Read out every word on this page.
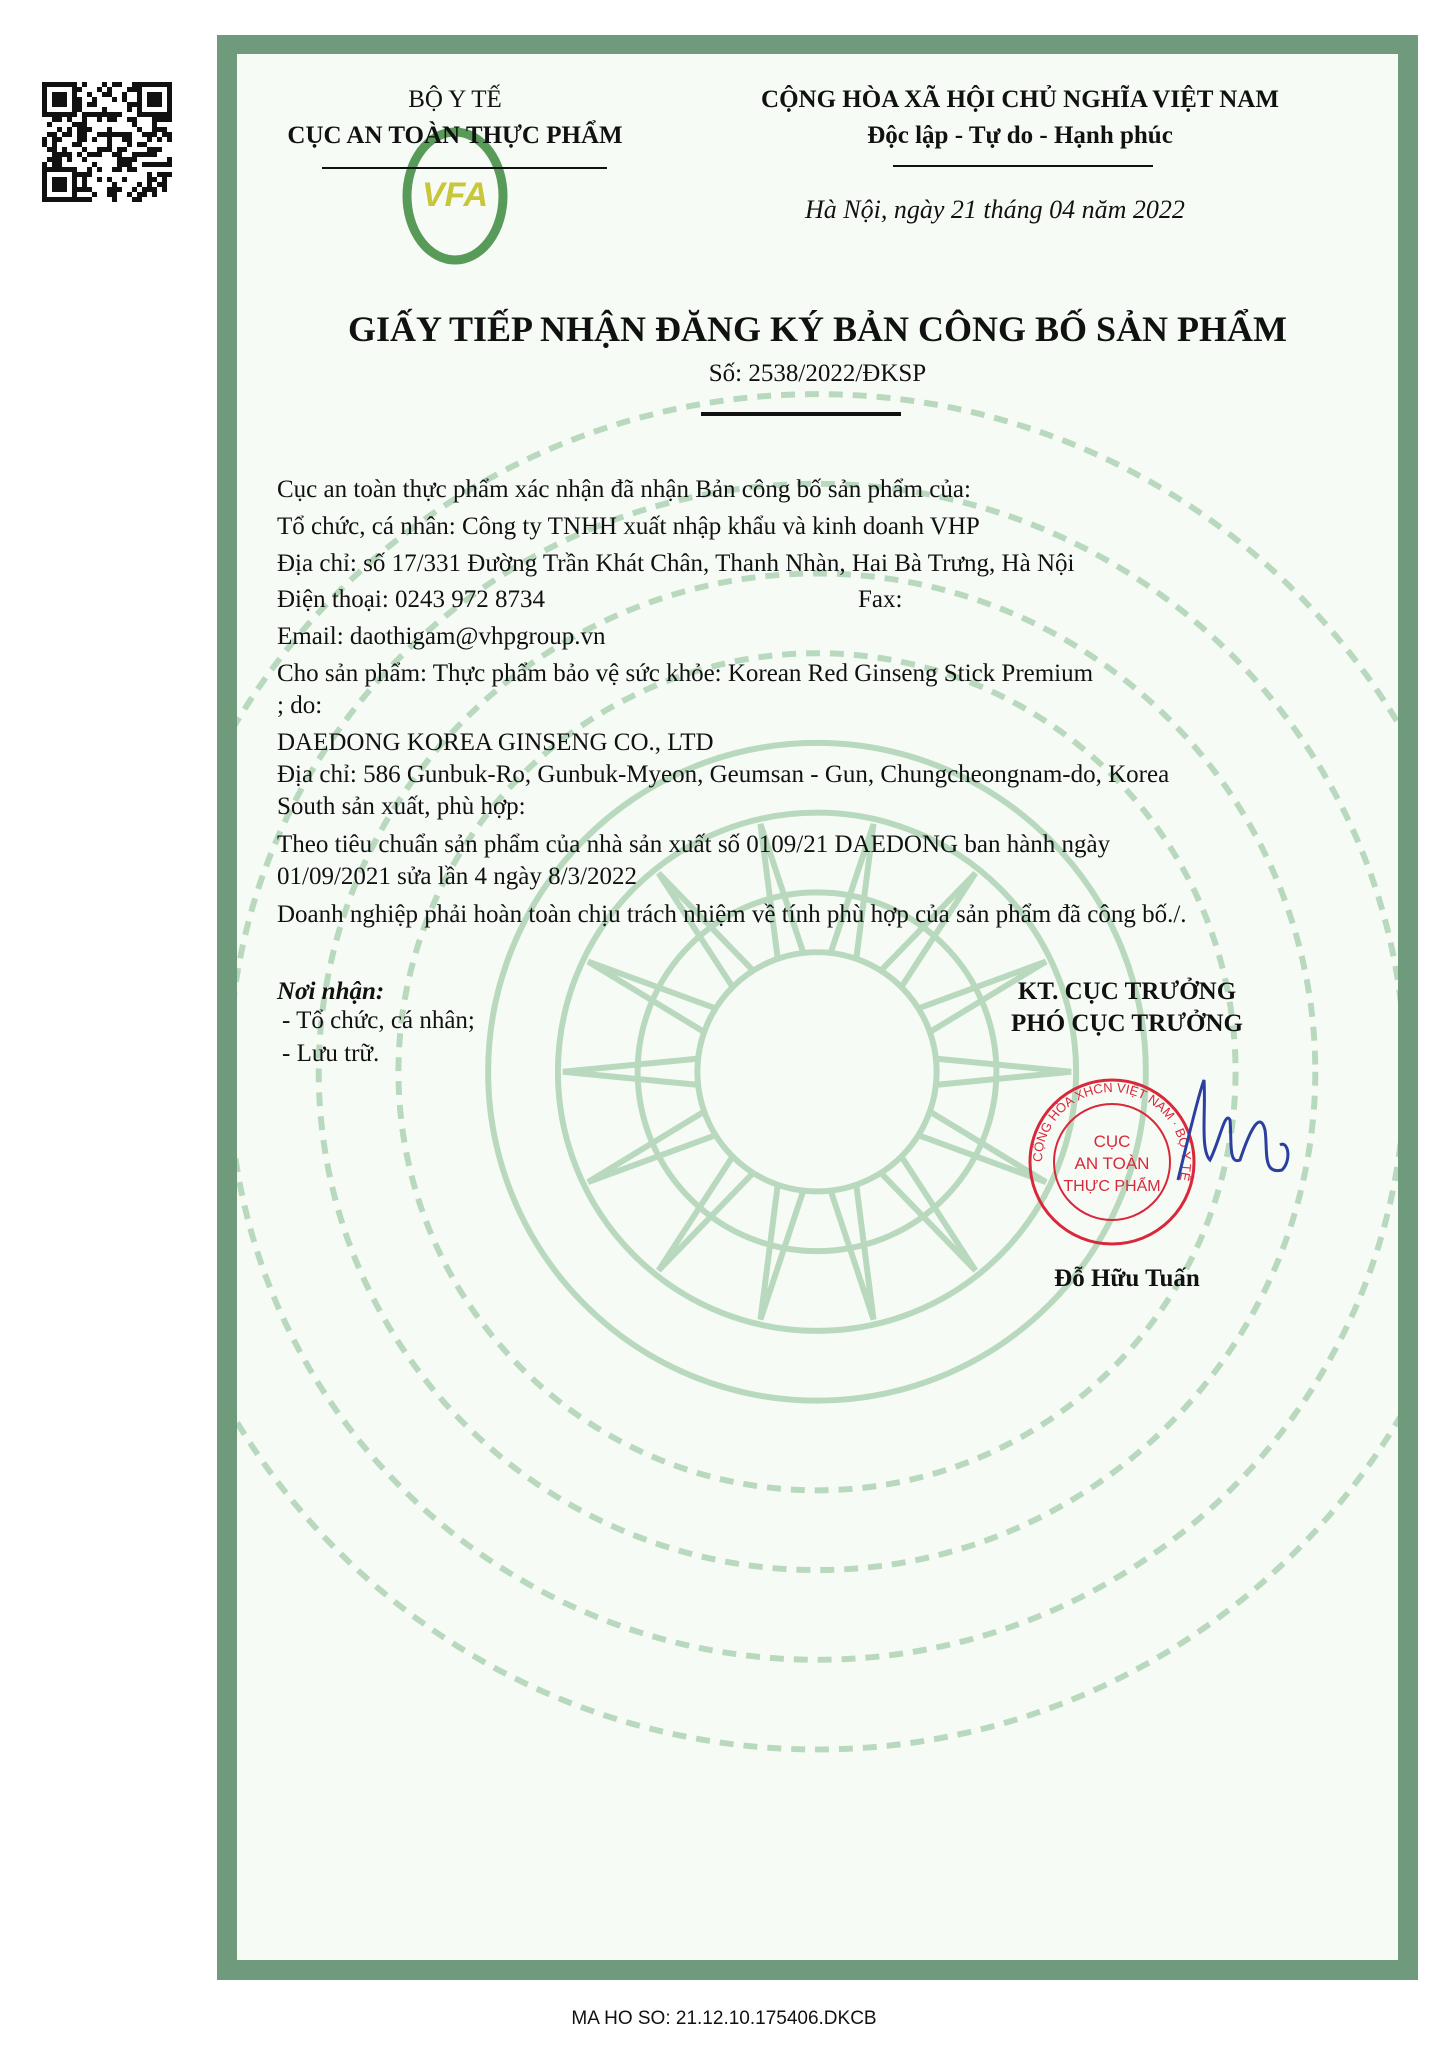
VFA
BỘ Y TẾ
CỤC AN TOÀN THỰC PHẨM
CỘNG HÒA XÃ HỘI CHỦ NGHĨA VIỆT NAM
Độc lập - Tự do - Hạnh phúc
Hà Nội, ngày 21 tháng 04 năm 2022
GIẤY TIẾP NHẬN ĐĂNG KÝ BẢN CÔNG BỐ SẢN PHẨM
Số: 2538/2022/ĐKSP
Cục an toàn thực phẩm xác nhận đã nhận Bản công bố sản phẩm của:
Tổ chức, cá nhân: Công ty TNHH xuất nhập khẩu và kinh doanh VHP
Địa chỉ: số 17/331 Đường Trần Khát Chân, Thanh Nhàn, Hai Bà Trưng, Hà Nội
Điện thoại: 0243 972 8734	Fax:
Email: daothigam@vhpgroup.vn
Cho sản phẩm: Thực phẩm bảo vệ sức khỏe: Korean Red Ginseng Stick Premium
; do:
DAEDONG KOREA GINSENG CO., LTD
Địa chỉ: 586 Gunbuk-Ro, Gunbuk-Myeon, Geumsan - Gun, Chungcheongnam-do, Korea
South sản xuất, phù hợp:
Theo tiêu chuẩn sản phẩm của nhà sản xuất số 0109/21 DAEDONG ban hành ngày
01/09/2021 sửa lần 4 ngày 8/3/2022
Doanh nghiệp phải hoàn toàn chịu trách nhiệm về tính phù hợp của sản phẩm đã công bố./.
Nơi nhận:
- Tổ chức, cá nhân;
- Lưu trữ.
KT. CỤC TRƯỞNG
PHÓ CỤC TRƯỞNG
CỘNG HÒA XHCN VIỆT NAM · BỘ Y TẾ
CỤC
AN TOÀN
THỰC PHẨM
Đỗ Hữu Tuấn
MA HO SO: 21.12.10.175406.DKCB
